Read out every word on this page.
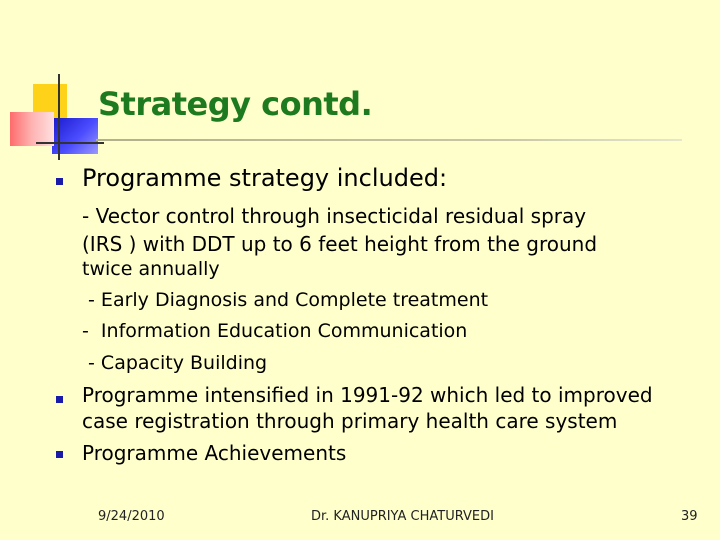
Strategy contd.
Programme strategy included:
- Vector control through insecticidal residual spray
(IRS ) with DDT up to 6 feet height from the ground
twice annually
- Early Diagnosis and Complete treatment
-  Information Education Communication
- Capacity Building
Programme intensified in 1991-92 which led to improved
case registration through primary health care system
Programme Achievements
9/24/2010	Dr. KANUPRIYA CHATURVEDI	39
